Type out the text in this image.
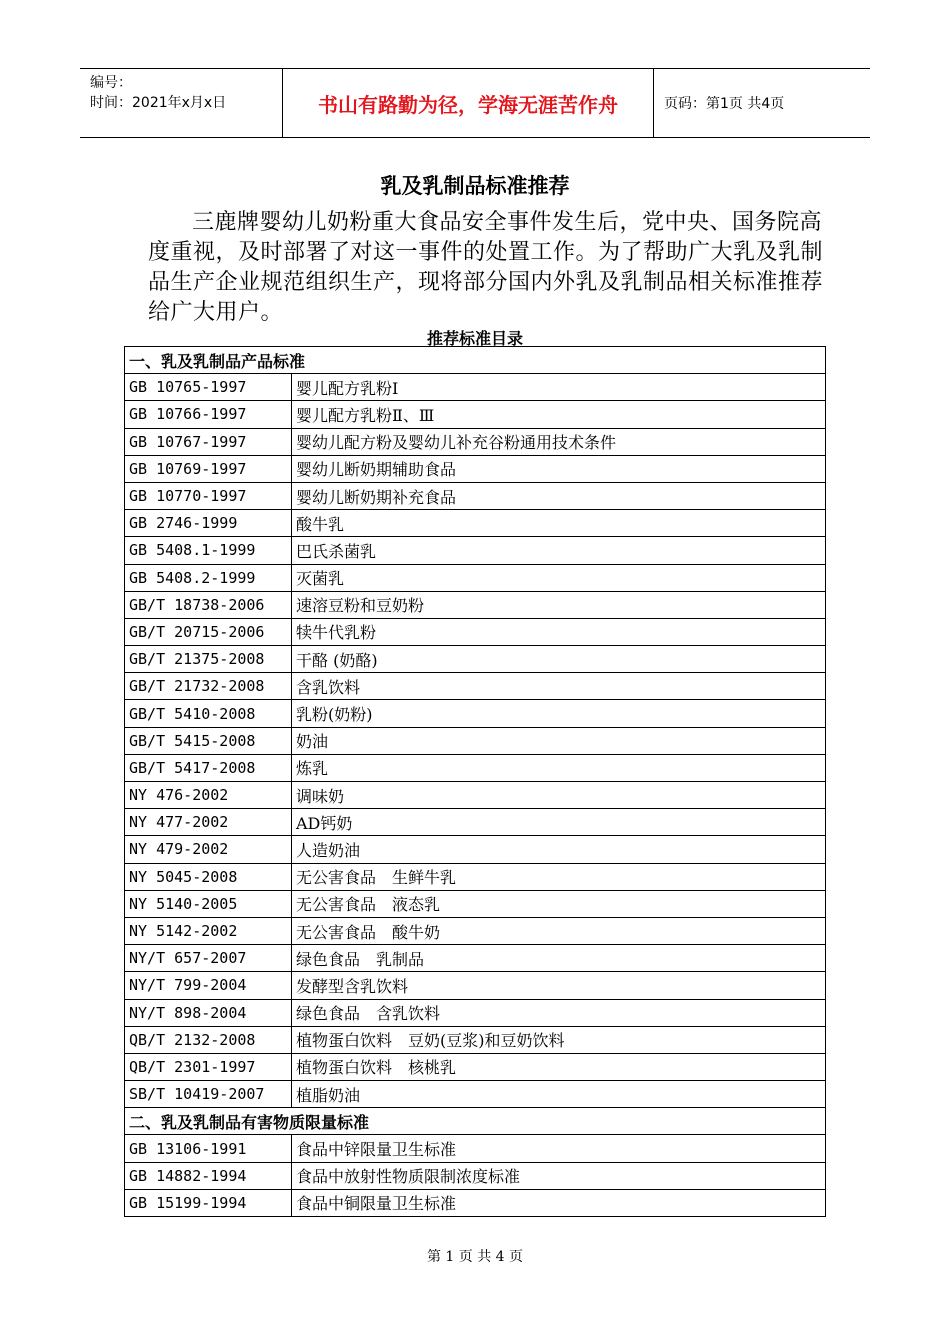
编号：
时间：2021年x月x日	书山有路勤为径，学海无涯苦作舟	页码：第1页 共4页
乳及乳制品标准推荐
三鹿牌婴幼儿奶粉重大食品安全事件发生后，党中央、国务院高度重视，及时部署了对这一事件的处置工作。为了帮助广大乳及乳制品生产企业规范组织生产，现将部分国内外乳及乳制品相关标准推荐给广大用户。
推荐标准目录
一、乳及乳制品产品标准	
GB 10765-1997	婴儿配方乳粉Ⅰ
GB 10766-1997	婴儿配方乳粉Ⅱ、Ⅲ
GB 10767-1997	婴幼儿配方粉及婴幼儿补充谷粉通用技术条件
GB 10769-1997	婴幼儿断奶期辅助食品
GB 10770-1997	婴幼儿断奶期补充食品
GB 2746-1999	酸牛乳
GB 5408.1-1999	巴氏杀菌乳
GB 5408.2-1999	灭菌乳
GB/T 18738-2006	速溶豆粉和豆奶粉
GB/T 20715-2006	犊牛代乳粉
GB/T 21375-2008	干酪 (奶酪)
GB/T 21732-2008	含乳饮料
GB/T 5410-2008	乳粉(奶粉)
GB/T 5415-2008	奶油
GB/T 5417-2008	炼乳
NY 476-2002	调味奶
NY 477-2002	AD钙奶
NY 479-2002	人造奶油
NY 5045-2008	无公害食品　生鲜牛乳
NY 5140-2005	无公害食品　液态乳
NY 5142-2002	无公害食品　酸牛奶
NY/T 657-2007	绿色食品　乳制品
NY/T 799-2004	发酵型含乳饮料
NY/T 898-2004	绿色食品　含乳饮料
QB/T 2132-2008	植物蛋白饮料　豆奶(豆浆)和豆奶饮料
QB/T 2301-1997	植物蛋白饮料　核桃乳
SB/T 10419-2007	植脂奶油
二、乳及乳制品有害物质限量标准	
GB 13106-1991	食品中锌限量卫生标准
GB 14882-1994	食品中放射性物质限制浓度标准
GB 15199-1994	食品中铜限量卫生标准
第 1 页 共 4 页
